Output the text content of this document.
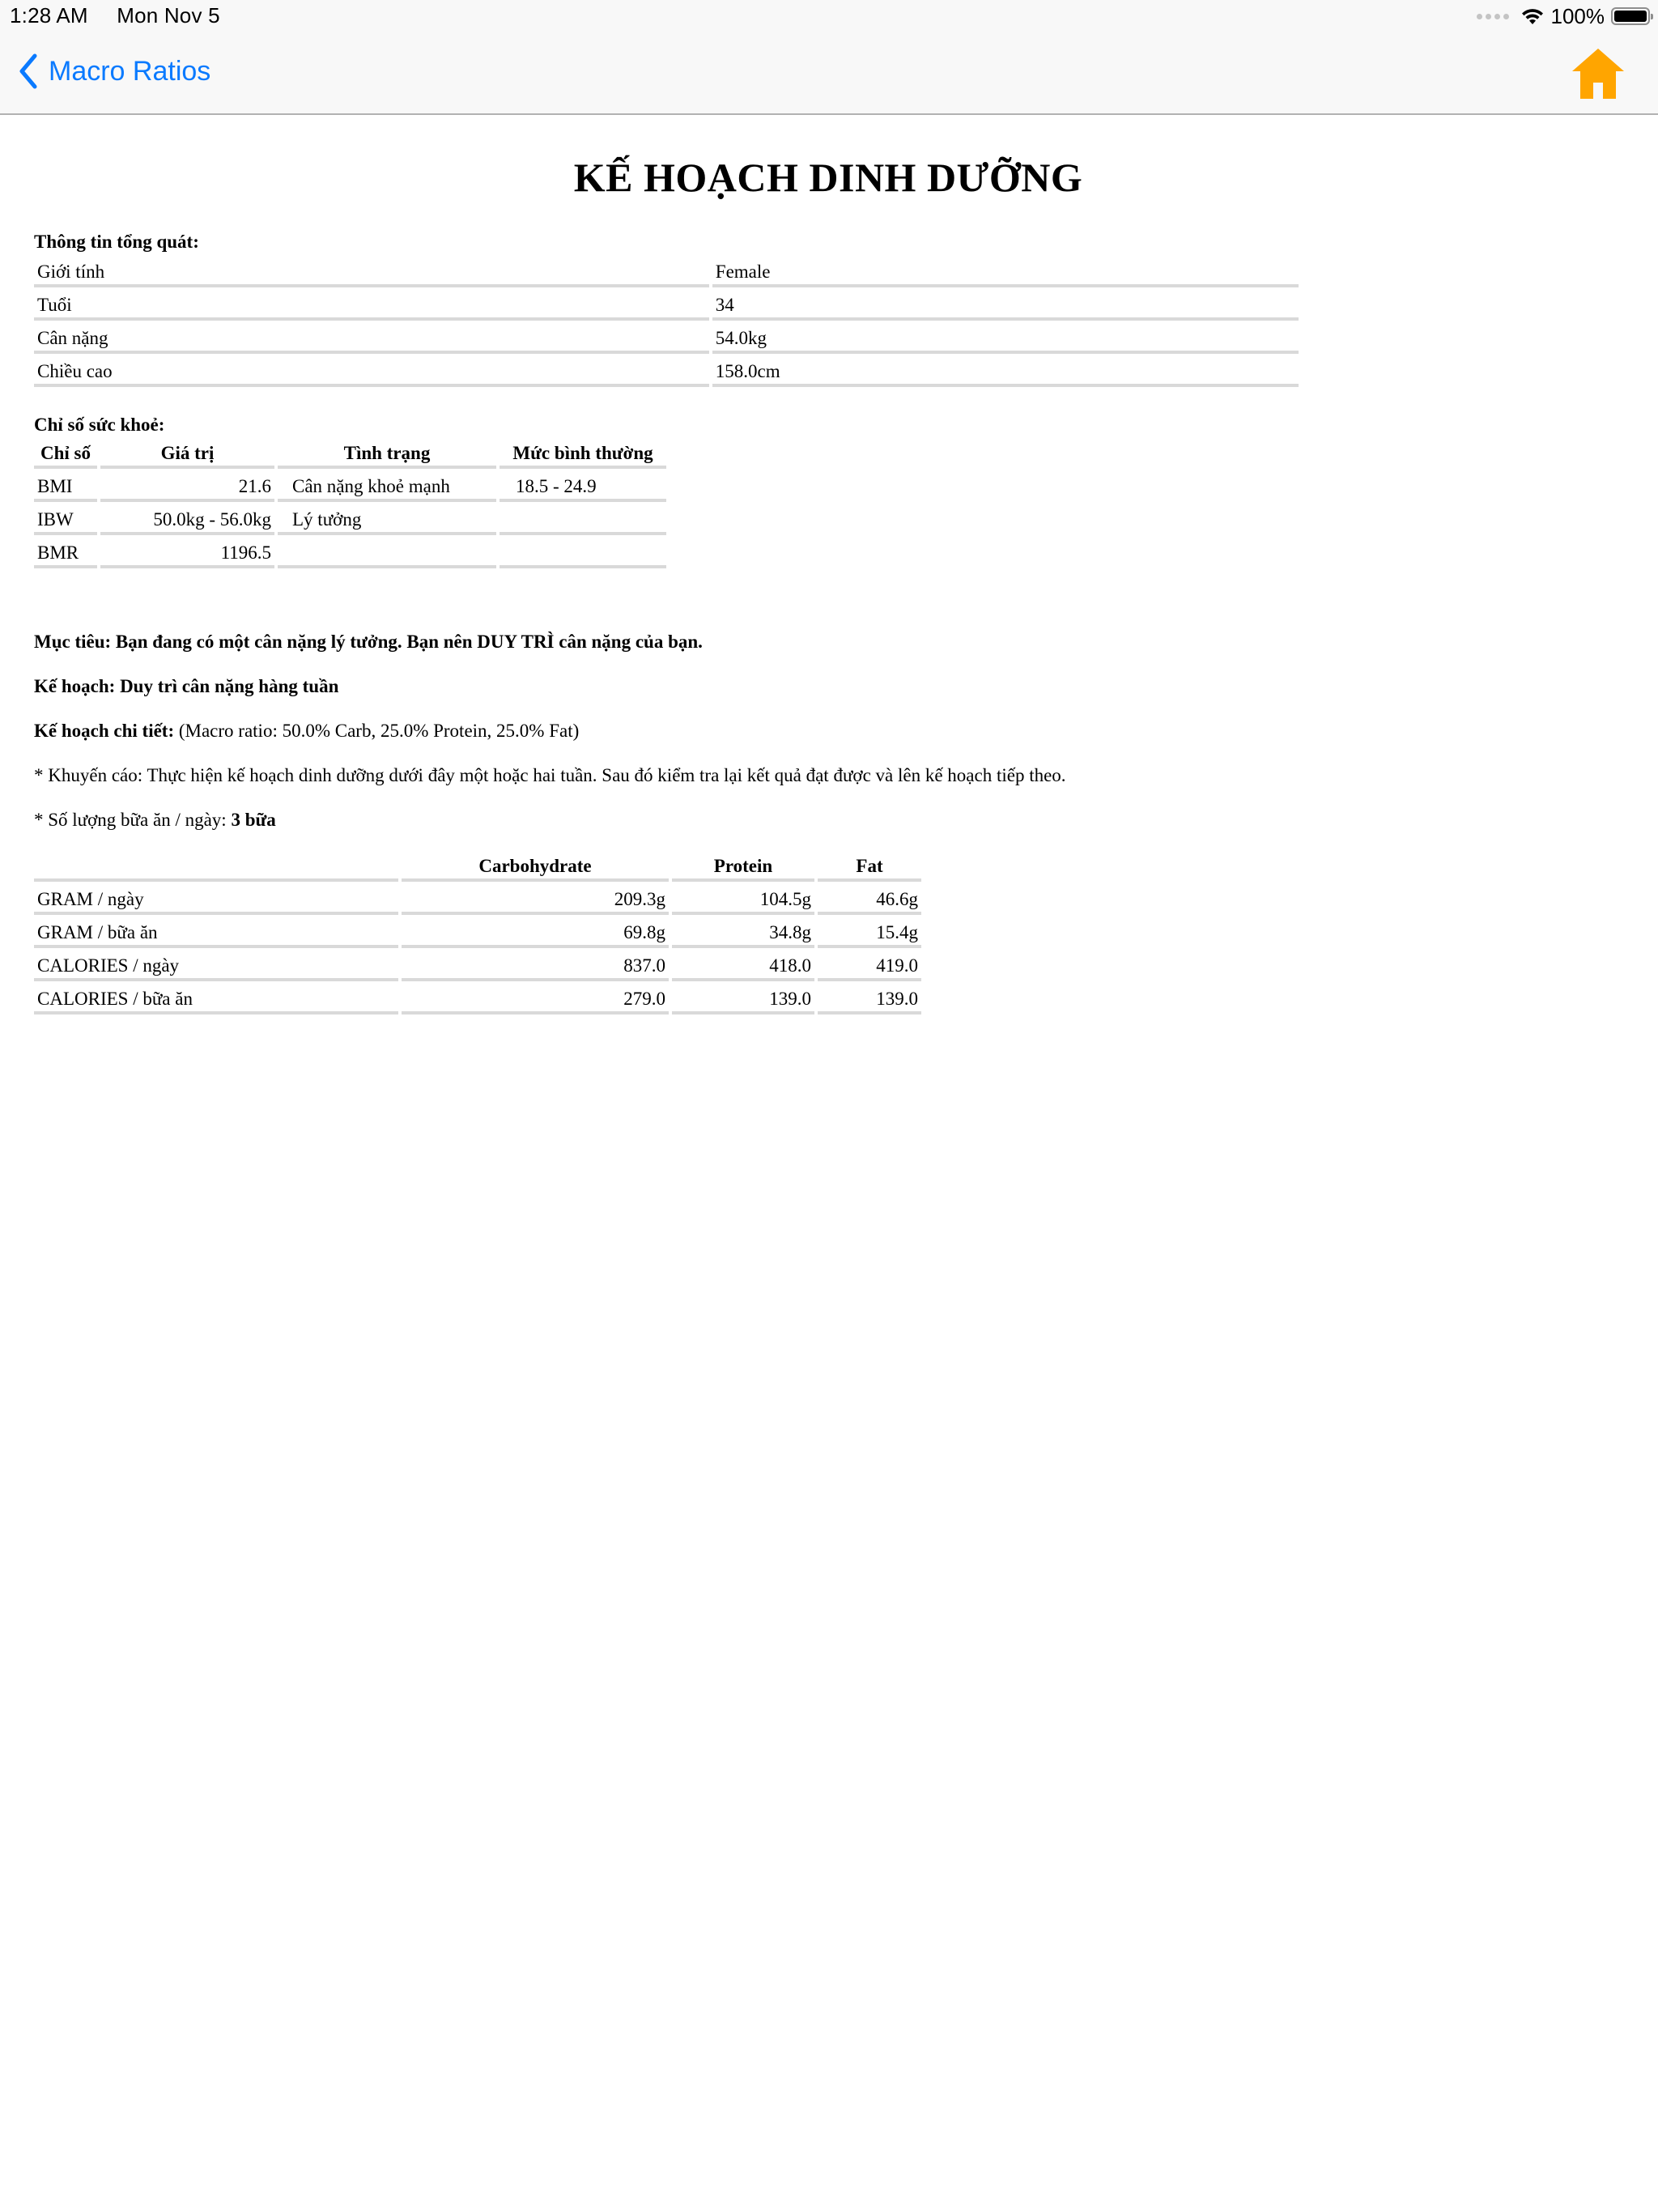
1:28 AM Mon Nov 5	100%
Macro Ratios
KẾ HOẠCH DINH DƯỠNG
Thông tin tổng quát:
Giới tính	Female
Tuổi	34
Cân nặng	54.0kg
Chiều cao	158.0cm
Chỉ số sức khoẻ:
Chỉ số	Giá trị	Tình trạng	Mức bình thường
BMI	21.6	Cân nặng khoẻ mạnh	18.5 - 24.9
IBW	50.0kg - 56.0kg	Lý tưởng	
BMR	1196.5		
Mục tiêu: Bạn đang có một cân nặng lý tưởng. Bạn nên DUY TRÌ cân nặng của bạn.
Kế hoạch: Duy trì cân nặng hàng tuần
Kế hoạch chi tiết: (Macro ratio: 50.0% Carb, 25.0% Protein, 25.0% Fat)
* Khuyến cáo: Thực hiện kế hoạch dinh dưỡng dưới đây một hoặc hai tuần. Sau đó kiểm tra lại kết quả đạt được và lên kế hoạch tiếp theo.
* Số lượng bữa ăn / ngày: 3 bữa
	Carbohydrate	Protein	Fat
GRAM / ngày	209.3g	104.5g	46.6g
GRAM / bữa ăn	69.8g	34.8g	15.4g
CALORIES / ngày	837.0	418.0	419.0
CALORIES / bữa ăn	279.0	139.0	139.0
